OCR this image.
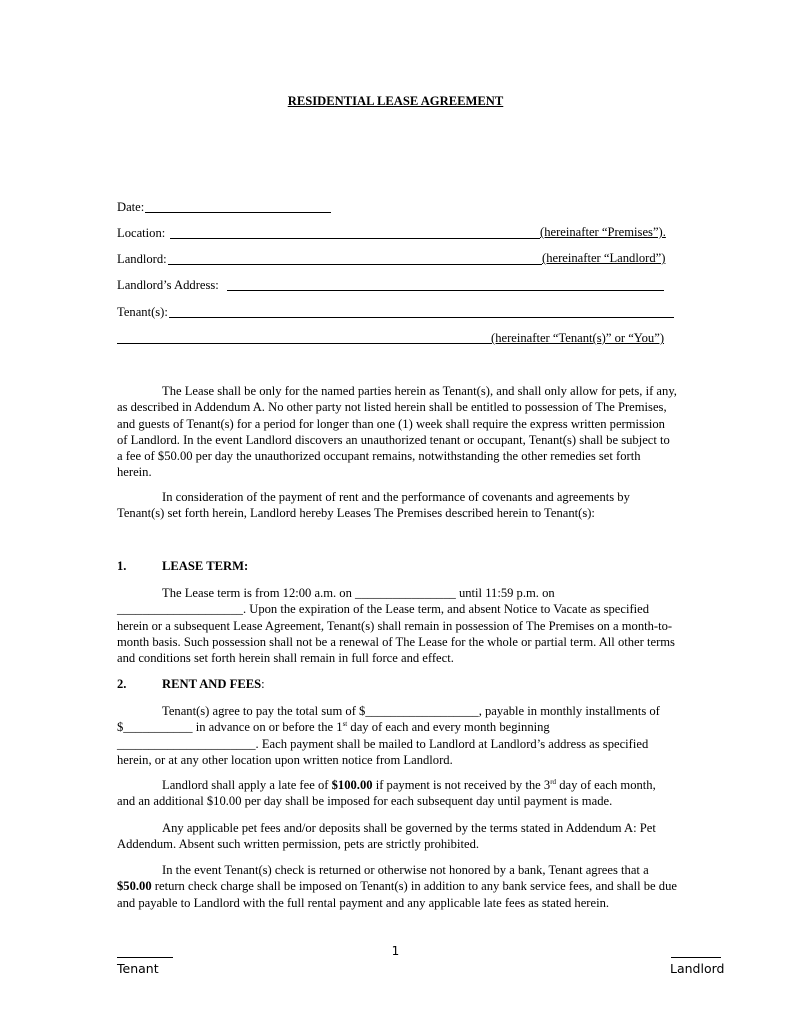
RESIDENTIAL LEASE AGREEMENT
Date:
Location:	(hereinafter “Premises”).
Landlord:	(hereinafter “Landlord”)
Landlord’s Address:
Tenant(s):
(hereinafter “Tenant(s)” or “You”)

The Lease shall be only for the named parties herein as Tenant(s), and shall only allow for pets, if any, as described in Addendum A. No other party not listed herein shall be entitled to possession of The Premises, and guests of Tenant(s) for a period for longer than one (1) week shall require the express written permission of Landlord. In the event Landlord discovers an unauthorized tenant or occupant, Tenant(s) shall be subject to a fee of $50.00 per day the unauthorized occupant remains, notwithstanding the other remedies set forth herein.

In consideration of the payment of rent and the performance of covenants and agreements by Tenant(s) set forth herein, Landlord hereby Leases The Premises described herein to Tenant(s):

1.	LEASE TERM:

The Lease term is from 12:00 a.m. on ________________ until 11:59 p.m. on ____________________. Upon the expiration of the Lease term, and absent Notice to Vacate as specified herein or a subsequent Lease Agreement, Tenant(s) shall remain in possession of The Premises on a month-to-month basis. Such possession shall not be a renewal of The Lease for the whole or partial term. All other terms and conditions set forth herein shall remain in full force and effect.

2.	RENT AND FEES:

Tenant(s) agree to pay the total sum of $__________________, payable in monthly installments of $___________ in advance on or before the 1st day of each and every month beginning ______________________. Each payment shall be mailed to Landlord at Landlord’s address as specified herein, or at any other location upon written notice from Landlord.

Landlord shall apply a late fee of $100.00 if payment is not received by the 3rd day of each month, and an additional $10.00 per day shall be imposed for each subsequent day until payment is made.

Any applicable pet fees and/or deposits shall be governed by the terms stated in Addendum A: Pet Addendum. Absent such written permission, pets are strictly prohibited.

In the event Tenant(s) check is returned or otherwise not honored by a bank, Tenant agrees that a $50.00 return check charge shall be imposed on Tenant(s) in addition to any bank service fees, and shall be due and payable to Landlord with the full rental payment and any applicable late fees as stated herein.

1
Tenant	Landlord
